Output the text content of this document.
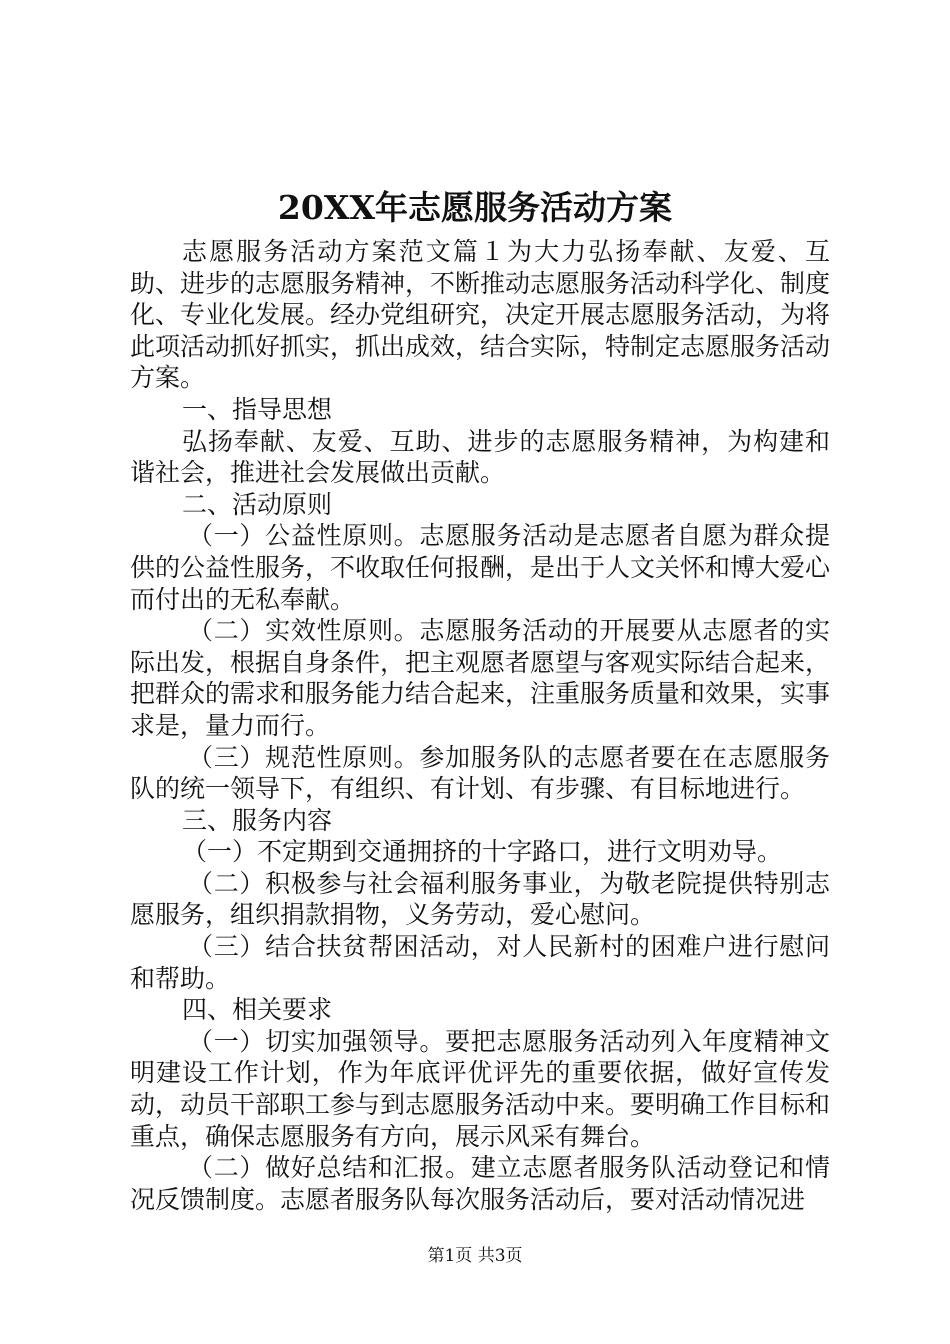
20XX年志愿服务活动方案

志愿服务活动方案范文篇１为大力弘扬奉献、友爱、互助、进步的志愿服务精神，不断推动志愿服务活动科学化、制度化、专业化发展。经办党组研究，决定开展志愿服务活动，为将此项活动抓好抓实，抓出成效，结合实际，特制定志愿服务活动方案。

一、指导思想

弘扬奉献、友爱、互助、进步的志愿服务精神，为构建和谐社会，推进社会发展做出贡献。

二、活动原则

（一）公益性原则。志愿服务活动是志愿者自愿为群众提供的公益性服务，不收取任何报酬，是出于人文关怀和博大爱心而付出的无私奉献。

（二）实效性原则。志愿服务活动的开展要从志愿者的实际出发，根据自身条件，把主观愿者愿望与客观实际结合起来，把群众的需求和服务能力结合起来，注重服务质量和效果，实事求是，量力而行。

（三）规范性原则。参加服务队的志愿者要在在志愿服务队的统一领导下，有组织、有计划、有步骤、有目标地进行。

三、服务内容

（一）不定期到交通拥挤的十字路口，进行文明劝导。

（二）积极参与社会福利服务事业，为敬老院提供特别志愿服务，组织捐款捐物，义务劳动，爱心慰问。

（三）结合扶贫帮困活动，对人民新村的困难户进行慰问和帮助。

四、相关要求

（一）切实加强领导。要把志愿服务活动列入年度精神文明建设工作计划，作为年底评优评先的重要依据，做好宣传发动，动员干部职工参与到志愿服务活动中来。要明确工作目标和重点，确保志愿服务有方向，展示风采有舞台。

（二）做好总结和汇报。建立志愿者服务队活动登记和情况反馈制度。志愿者服务队每次服务活动后，要对活动情况进

第1页 共3页
